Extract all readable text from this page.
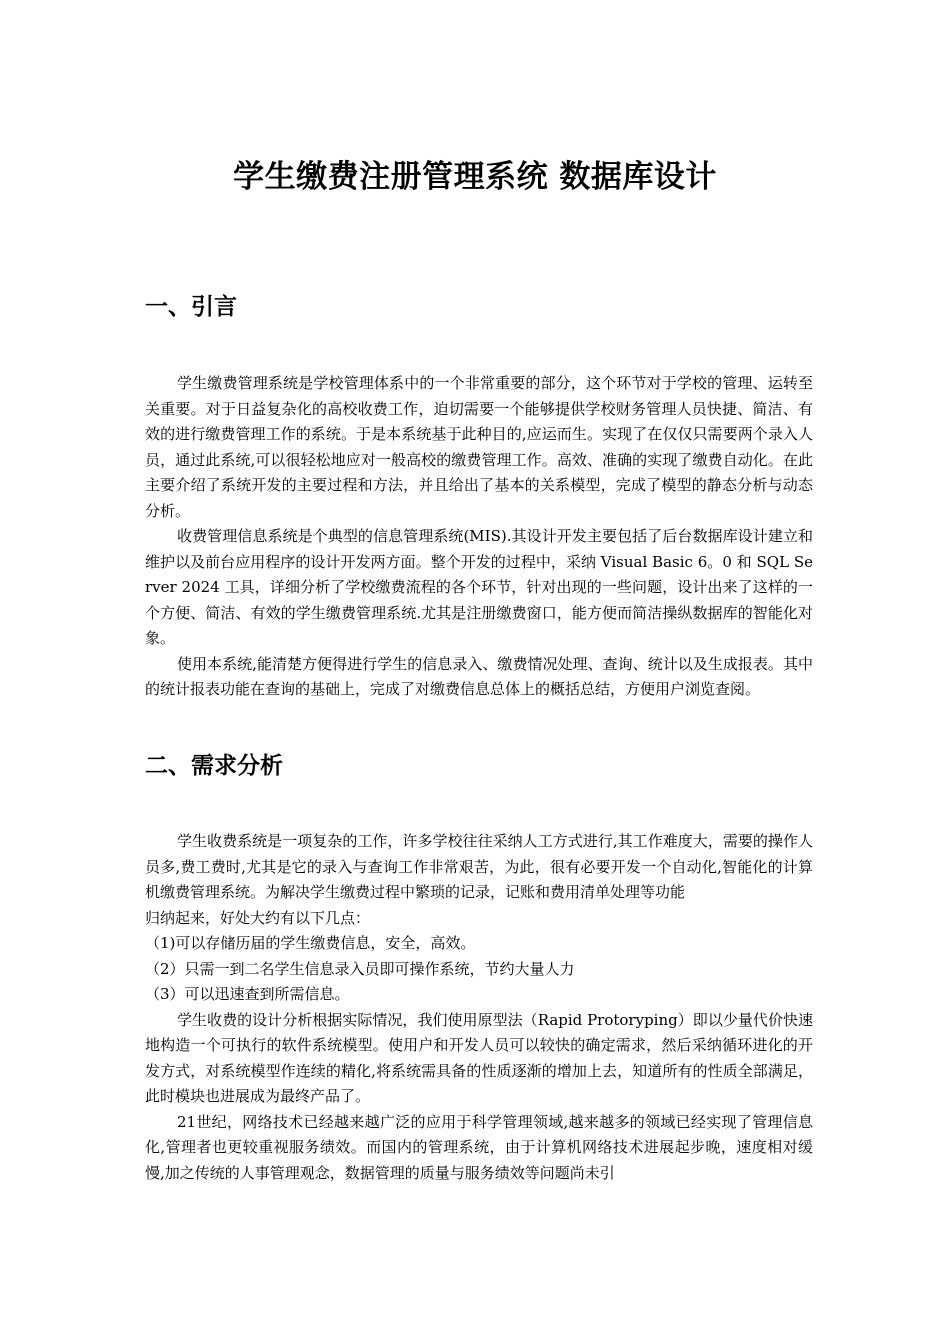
学生缴费注册管理系统 数据库设计
一、引言

学生缴费管理系统是学校管理体系中的一个非常重要的部分，这个环节对于学校的管理、运转至关重要。对于日益复杂化的高校收费工作，迫切需要一个能够提供学校财务管理人员快捷、简洁、有效的进行缴费管理工作的系统。于是本系统基于此种目的,应运而生。实现了在仅仅只需要两个录入人员，通过此系统,可以很轻松地应对一般高校的缴费管理工作。高效、准确的实现了缴费自动化。在此主要介绍了系统开发的主要过程和方法，并且给出了基本的关系模型，完成了模型的静态分析与动态分析。

收费管理信息系统是个典型的信息管理系统(MIS).其设计开发主要包括了后台数据库设计建立和维护以及前台应用程序的设计开发两方面。整个开发的过程中，采纳 Visual Basic 6。0 和 SQL Server 2024 工具，详细分析了学校缴费流程的各个环节，针对出现的一些问题，设计出来了这样的一个方便、简洁、有效的学生缴费管理系统.尤其是注册缴费窗口，能方便而简洁操纵数据库的智能化对象。

使用本系统,能清楚方便得进行学生的信息录入、缴费情况处理、查询、统计以及生成报表。其中的统计报表功能在查询的基础上，完成了对缴费信息总体上的概括总结，方便用户浏览查阅。

二、需求分析

学生收费系统是一项复杂的工作，许多学校往往采纳人工方式进行,其工作难度大，需要的操作人员多,费工费时,尤其是它的录入与查询工作非常艰苦，为此，很有必要开发一个自动化,智能化的计算机缴费管理系统。为解决学生缴费过程中繁琐的记录，记账和费用清单处理等功能

归纳起来，好处大约有以下几点：

（1)可以存储历届的学生缴费信息，安全，高效。

（2）只需一到二名学生信息录入员即可操作系统，节约大量人力

（3）可以迅速查到所需信息。

学生收费的设计分析根据实际情况，我们使用原型法（Rapid Protoryping）即以少量代价快速地构造一个可执行的软件系统模型。使用户和开发人员可以较快的确定需求，然后采纳循环进化的开发方式，对系统模型作连续的精化,将系统需具备的性质逐渐的增加上去，知道所有的性质全部满足，此时模块也进展成为最终产品了。

21世纪，网络技术已经越来越广泛的应用于科学管理领域,越来越多的领域已经实现了管理信息化,管理者也更较重视服务绩效。而国内的管理系统，由于计算机网络技术进展起步晚，速度相对缓慢,加之传统的人事管理观念，数据管理的质量与服务绩效等问题尚未引
